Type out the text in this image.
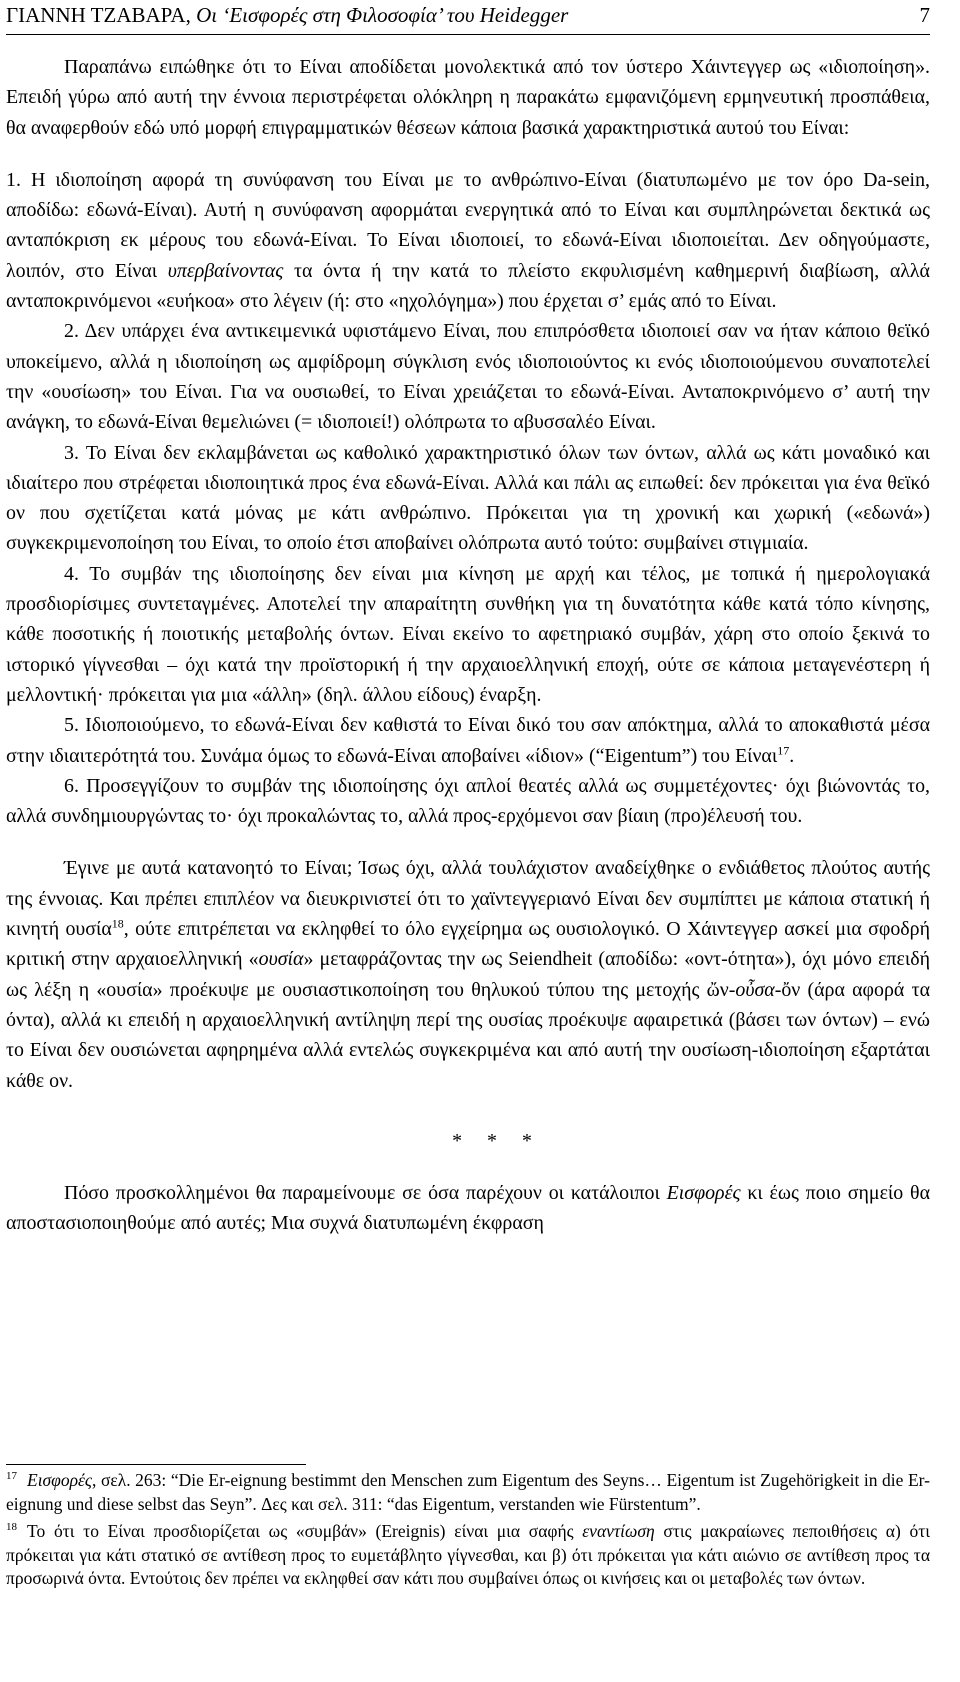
ΓΙΑΝΝΗ ΤΖΑΒΑΡΑ, Οι ‘Εισφορές στη Φιλοσοφία’ του Heidegger	7

Παραπάνω ειπώθηκε ότι το Είναι αποδίδεται μονολεκτικά από τον ύστερο Χάιντεγγερ ως «ιδιοποίηση». Επειδή γύρω από αυτή την έννοια περιστρέφεται ολόκληρη η παρακάτω εμφανιζόμενη ερμηνευτική προσπάθεια, θα αναφερθούν εδώ υπό μορφή επιγραμματικών θέσεων κάποια βασικά χαρακτηριστικά αυτού του Είναι:

1. Η ιδιοποίηση αφορά τη συνύφανση του Είναι με το ανθρώπινο-Είναι (διατυπωμένο με τον όρο Da-sein, αποδίδω: εδωνά-Είναι). Αυτή η συνύφανση αφορμάται ενεργητικά από το Είναι και συμπληρώνεται δεκτικά ως ανταπόκριση εκ μέρους του εδωνά-Είναι. Το Είναι ιδιοποιεί, το εδωνά-Είναι ιδιοποιείται. Δεν οδηγούμαστε, λοιπόν, στο Είναι υπερβαίνοντας τα όντα ή την κατά το πλείστο εκφυλισμένη καθημερινή διαβίωση, αλλά ανταποκρινόμενοι «ευήκοα» στο λέγειν (ή: στο «ηχολόγημα») που έρχεται σ’ εμάς από το Είναι.

2. Δεν υπάρχει ένα αντικειμενικά υφιστάμενο Είναι, που επιπρόσθετα ιδιοποιεί σαν να ήταν κάποιο θεϊκό υποκείμενο, αλλά η ιδιοποίηση ως αμφίδρομη σύγκλιση ενός ιδιοποιούντος κι ενός ιδιοποιούμενου συναποτελεί την «ουσίωση» του Είναι. Για να ουσιωθεί, το Είναι χρειάζεται το εδωνά-Είναι. Ανταποκρινόμενο σ’ αυτή την ανάγκη, το εδωνά-Είναι θεμελιώνει (= ιδιοποιεί!) ολόπρωτα το αβυσσαλέο Είναι.

3. Το Είναι δεν εκλαμβάνεται ως καθολικό χαρακτηριστικό όλων των όντων, αλλά ως κάτι μοναδικό και ιδιαίτερο που στρέφεται ιδιοποιητικά προς ένα εδωνά-Είναι. Αλλά και πάλι ας ειπωθεί: δεν πρόκειται για ένα θεϊκό ον που σχετίζεται κατά μόνας με κάτι ανθρώπινο. Πρόκειται για τη χρονική και χωρική («εδωνά») συγκεκριμενοποίηση του Είναι, το οποίο έτσι αποβαίνει ολόπρωτα αυτό τούτο: συμβαίνει στιγμιαία.

4. Το συμβάν της ιδιοποίησης δεν είναι μια κίνηση με αρχή και τέλος, με τοπικά ή ημερολογιακά προσδιορίσιμες συντεταγμένες. Αποτελεί την απαραίτητη συνθήκη για τη δυνατότητα κάθε κατά τόπο κίνησης, κάθε ποσοτικής ή ποιοτικής μεταβολής όντων. Είναι εκείνο το αφετηριακό συμβάν, χάρη στο οποίο ξεκινά το ιστορικό γίγνεσθαι – όχι κατά την προϊστορική ή την αρχαιοελληνική εποχή, ούτε σε κάποια μεταγενέστερη ή μελλοντική· πρόκειται για μια «άλλη» (δηλ. άλλου είδους) έναρξη.

5. Ιδιοποιούμενο, το εδωνά-Είναι δεν καθιστά το Είναι δικό του σαν απόκτημα, αλλά το αποκαθιστά μέσα στην ιδιαιτερότητά του. Συνάμα όμως το εδωνά-Είναι αποβαίνει «ίδιον» (“Eigentum”) του Είναι$^{17}$.

6. Προσεγγίζουν το συμβάν της ιδιοποίησης όχι απλοί θεατές αλλά ως συμμετέχοντες· όχι βιώνοντάς το, αλλά συνδημιουργώντας το· όχι προκαλώντας το, αλλά προς-ερχόμενοι σαν βίαιη (προ)έλευσή του.

Έγινε με αυτά κατανοητό το Είναι; Ίσως όχι, αλλά τουλάχιστον αναδείχθηκε ο ενδιάθετος πλούτος αυτής της έννοιας. Και πρέπει επιπλέον να διευκρινιστεί ότι το χαϊντεγγεριανό Είναι δεν συμπίπτει με κάποια στατική ή κινητή ουσία$^{18}$, ούτε επιτρέπεται να εκληφθεί το όλο εγχείρημα ως ουσιολογικό. Ο Χάιντεγγερ ασκεί μια σφοδρή κριτική στην αρχαιοελληνική «ουσία» μεταφράζοντας την ως Seiendheit (αποδίδω: «οντ-ότητα»), όχι μόνο επειδή ως λέξη η «ουσία» προέκυψε με ουσιαστικοποίηση του θηλυκού τύπου της μετοχής ὤν-οὖσα-ὄν (άρα αφορά τα όντα), αλλά κι επειδή η αρχαιοελληνική αντίληψη περί της ουσίας προέκυψε αφαιρετικά (βάσει των όντων) – ενώ το Είναι δεν ουσιώνεται αφηρημένα αλλά εντελώς συγκεκριμένα και από αυτή την ουσίωση-ιδιοποίηση εξαρτάται κάθε ον.

* * *

Πόσο προσκολλημένοι θα παραμείνουμε σε όσα παρέχουν οι κατάλοιποι Εισφορές κι έως ποιο σημείο θα αποστασιοποιηθούμε από αυτές; Μια συχνά διατυπωμένη έκφραση

$^{17}$ Εισφορές, σελ. 263: “Die Er-eignung bestimmt den Menschen zum Eigentum des Seyns… Eigentum ist Zugehörigkeit in die Er-eignung und diese selbst das Seyn”. Δες και σελ. 311: “das Eigentum, verstanden wie Fürstentum”.

$^{18}$ Το ότι το Είναι προσδιορίζεται ως «συμβάν» (Ereignis) είναι μια σαφής εναντίωση στις μακραίωνες πεποιθήσεις α) ότι πρόκειται για κάτι στατικό σε αντίθεση προς το ευμετάβλητο γίγνεσθαι, και β) ότι πρόκειται για κάτι αιώνιο σε αντίθεση προς τα προσωρινά όντα. Εντούτοις δεν πρέπει να εκληφθεί σαν κάτι που συμβαίνει όπως οι κινήσεις και οι μεταβολές των όντων.
